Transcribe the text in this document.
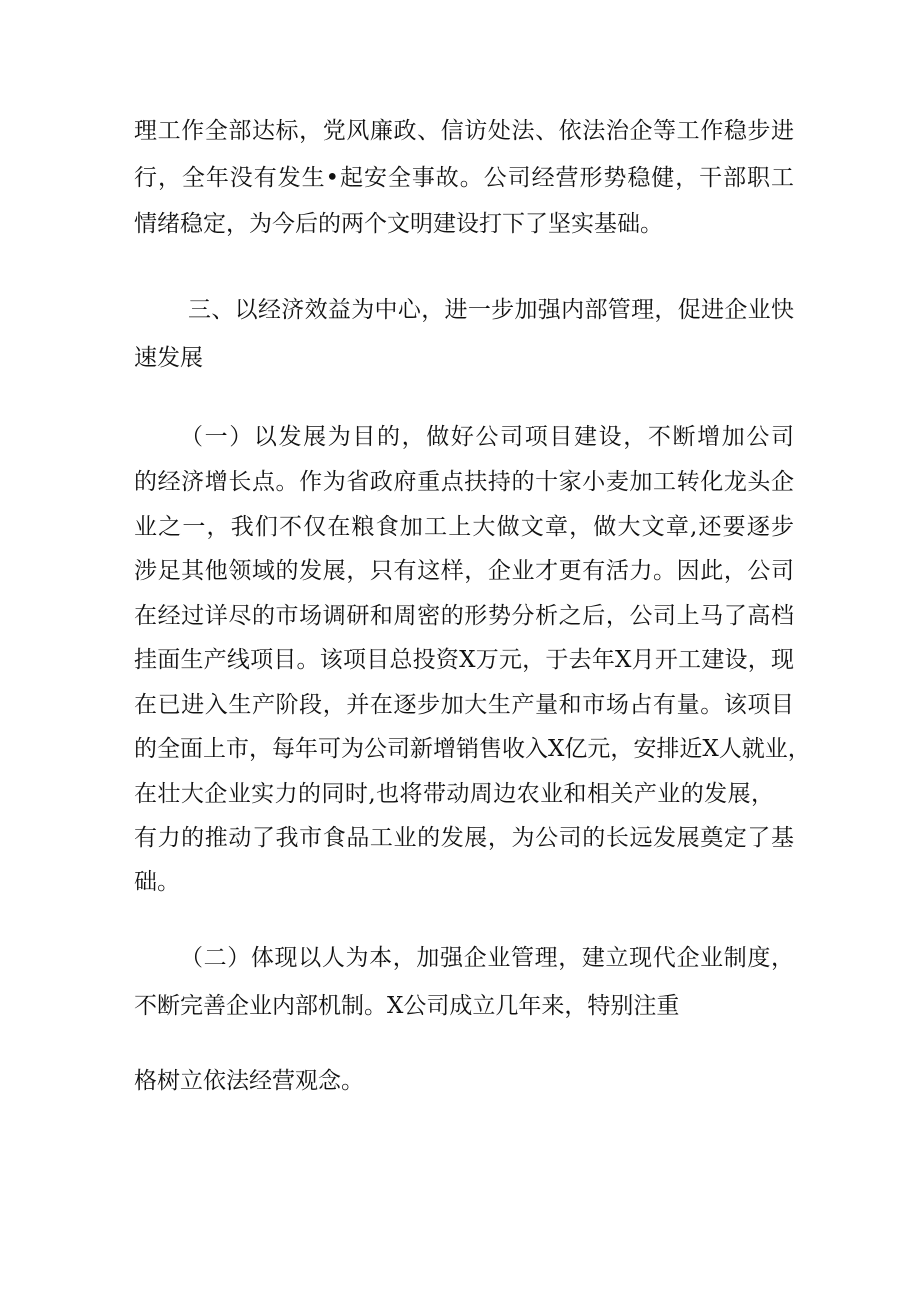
理工作全部达标，党风廉政、信访处法、依法治企等工作稳步进
行，全年没有发生•起安全事故。公司经营形势稳健，干部职工
情绪稳定，为今后的两个文明建设打下了坚实基础。
三、以经济效益为中心，进一步加强内部管理，促进企业快
速发展
（一）以发展为目的，做好公司项目建设，不断增加公司
的经济增长点。作为省政府重点扶持的十家小麦加工转化龙头企
业之一，我们不仅在粮食加工上大做文章，做大文章,还要逐步
涉足其他领域的发展，只有这样，企业才更有活力。因此，公司
在经过详尽的市场调研和周密的形势分析之后，公司上马了高档
挂面生产线项目。该项目总投资X万元，于去年X月开工建设，现
在已进入生产阶段，并在逐步加大生产量和市场占有量。该项目
的全面上市，每年可为公司新增销售收入X亿元，安排近X人就业，
在壮大企业实力的同时,也将带动周边农业和相关产业的发展，
有力的推动了我市食品工业的发展，为公司的长远发展奠定了基
础。
（二）体现以人为本，加强企业管理，建立现代企业制度，
不断完善企业内部机制。X公司成立几年来，特别注重
格树立依法经营观念。
